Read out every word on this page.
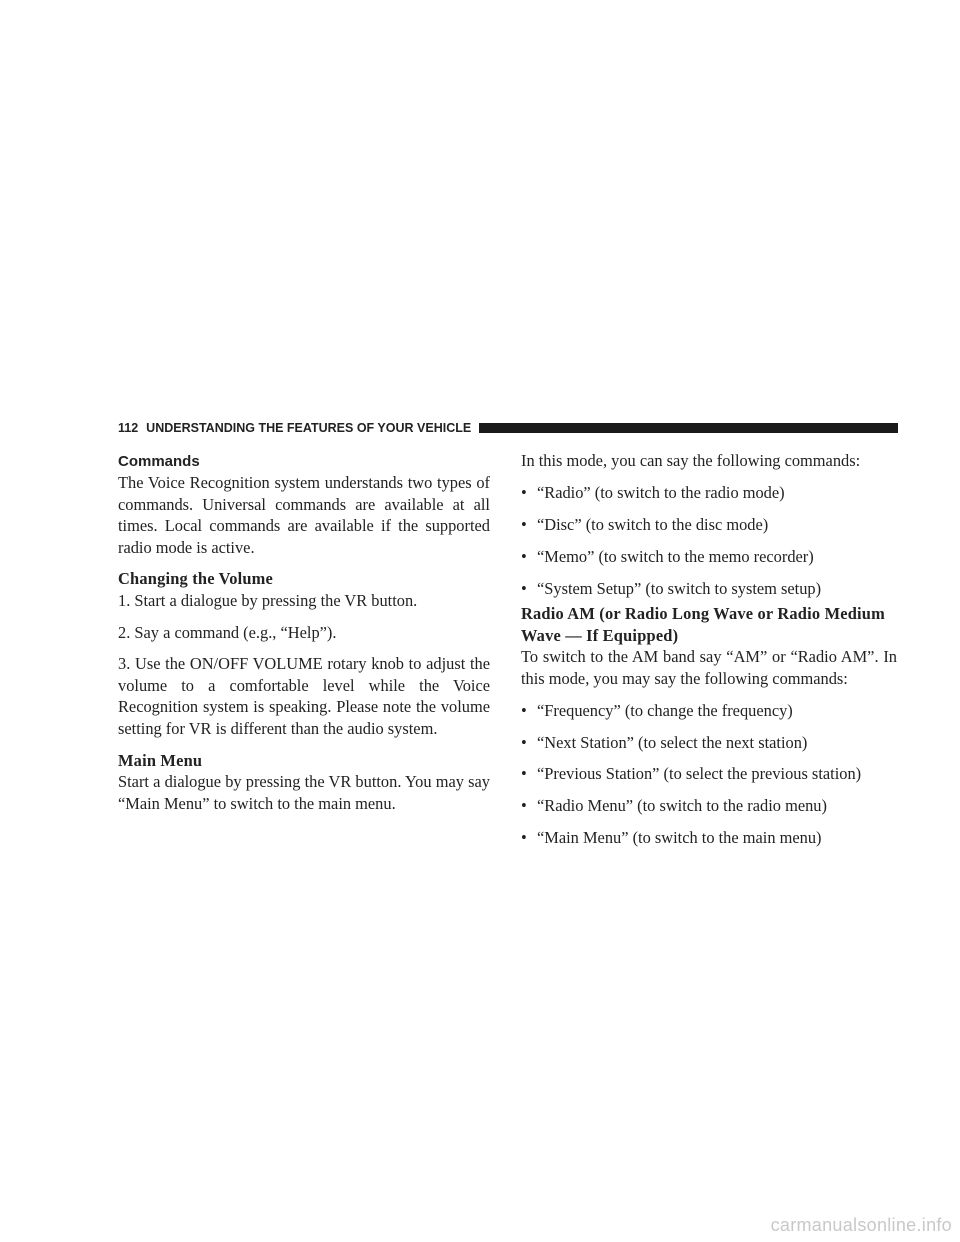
112 UNDERSTANDING THE FEATURES OF YOUR VEHICLE
Commands

The Voice Recognition system understands two types of commands. Universal commands are available at all times. Local commands are available if the supported radio mode is active.

Changing the Volume

1. Start a dialogue by pressing the VR button.

2. Say a command (e.g., “Help”).

3. Use the ON/OFF VOLUME rotary knob to adjust the volume to a comfortable level while the Voice Recognition system is speaking. Please note the volume setting for VR is different than the audio system.

Main Menu

Start a dialogue by pressing the VR button. You may say “Main Menu” to switch to the main menu.

In this mode, you can say the following commands:

• “Radio” (to switch to the radio mode)
• “Disc” (to switch to the disc mode)
• “Memo” (to switch to the memo recorder)
• “System Setup” (to switch to system setup)

Radio AM (or Radio Long Wave or Radio Medium Wave — If Equipped)

To switch to the AM band say “AM” or “Radio AM”. In this mode, you may say the following commands:

• “Frequency” (to change the frequency)
• “Next Station” (to select the next station)
• “Previous Station” (to select the previous station)
• “Radio Menu” (to switch to the radio menu)
• “Main Menu” (to switch to the main menu)
carmanualsonline.info
